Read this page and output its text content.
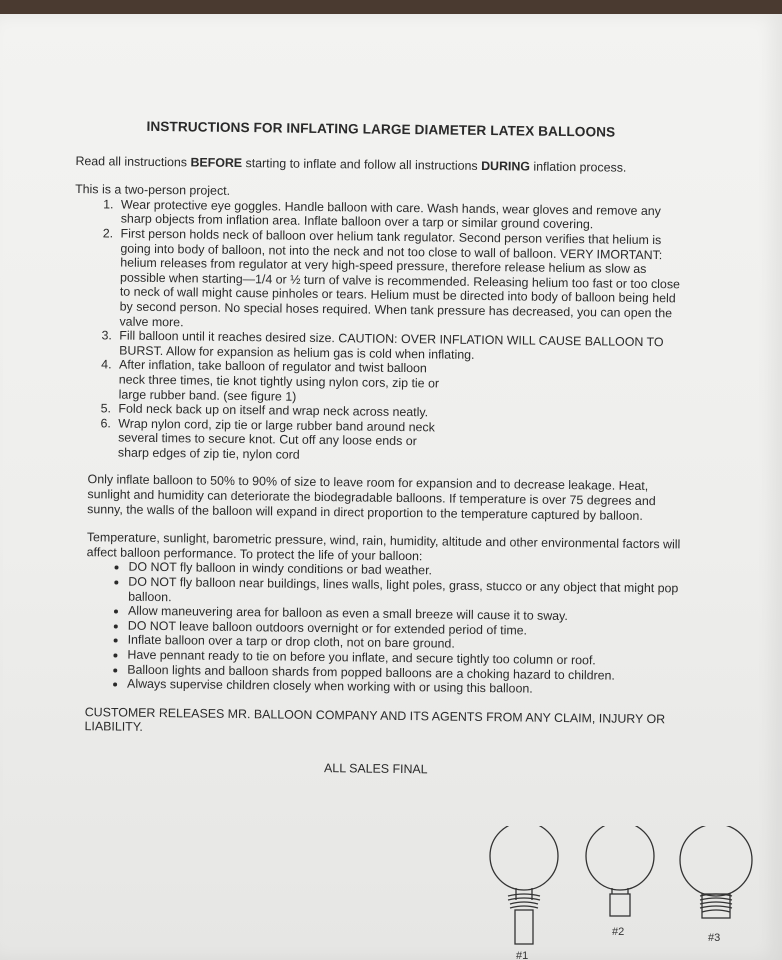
INSTRUCTIONS FOR INFLATING LARGE DIAMETER LATEX BALLOONS

Read all instructions BEFORE starting to inflate and follow all instructions DURING inflation process.

This is a two-person project.

1. Wear protective eye goggles. Handle balloon with care. Wash hands, wear gloves and remove any sharp objects from inflation area. Inflate balloon over a tarp or similar ground covering.
2. First person holds neck of balloon over helium tank regulator. Second person verifies that helium is going into body of balloon, not into the neck and not too close to wall of balloon. VERY IMORTANT: helium releases from regulator at very high-speed pressure, therefore release helium as slow as possible when starting—1/4 or ½ turn of valve is recommended. Releasing helium too fast or too close to neck of wall might cause pinholes or tears. Helium must be directed into body of balloon being held by second person. No special hoses required. When tank pressure has decreased, you can open the valve more.
3. Fill balloon until it reaches desired size. CAUTION: OVER INFLATION WILL CAUSE BALLOON TO BURST. Allow for expansion as helium gas is cold when inflating.
4. After inflation, take balloon of regulator and twist balloon neck three times, tie knot tightly using nylon cors, zip tie or large rubber band. (see figure 1)
5. Fold neck back up on itself and wrap neck across neatly.
6. Wrap nylon cord, zip tie or large rubber band around neck several times to secure knot. Cut off any loose ends or sharp edges of zip tie, nylon cord

Only inflate balloon to 50% to 90% of size to leave room for expansion and to decrease leakage. Heat, sunlight and humidity can deteriorate the biodegradable balloons. If temperature is over 75 degrees and sunny, the walls of the balloon will expand in direct proportion to the temperature captured by balloon.

Temperature, sunlight, barometric pressure, wind, rain, humidity, altitude and other environmental factors will affect balloon performance. To protect the life of your balloon:

• DO NOT fly balloon in windy conditions or bad weather.
• DO NOT fly balloon near buildings, lines walls, light poles, grass, stucco or any object that might pop balloon.
• Allow maneuvering area for balloon as even a small breeze will cause it to sway.
• DO NOT leave balloon outdoors overnight or for extended period of time.
• Inflate balloon over a tarp or drop cloth, not on bare ground.
• Have pennant ready to tie on before you inflate, and secure tightly too column or roof.
• Balloon lights and balloon shards from popped balloons are a choking hazard to children.
• Always supervise children closely when working with or using this balloon.

CUSTOMER RELEASES MR. BALLOON COMPANY AND ITS AGENTS FROM ANY CLAIM, INJURY OR LIABILITY.

ALL SALES FINAL

#1
#2	#3
